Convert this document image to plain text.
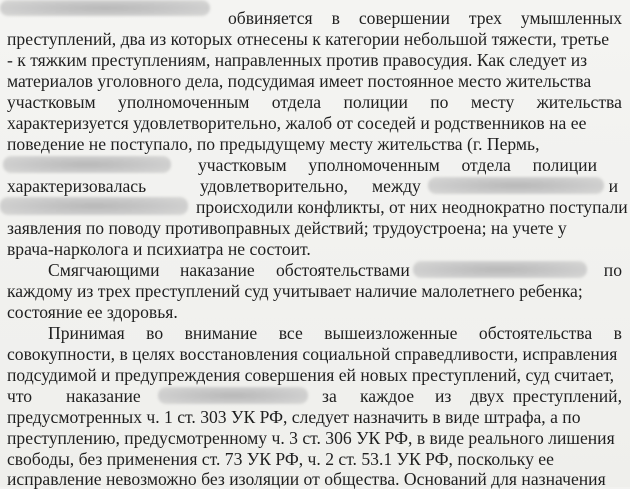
обвиняется в совершении трех умышленных
преступлений, два из которых отнесены к категории небольшой тяжести, третье
- к тяжким преступлениям, направленных против правосудия. Как следует из
материалов уголовного дела, подсудимая имеет постоянное место жительства
участковым уполномоченным отдела полиции по месту жительства
характеризуется удовлетворительно, жалоб от соседей и родственников на ее
поведение не поступало, по предыдущему месту жительства (г. Пермь,
участковым уполномоченным отдела полиции
характеризовалась	удовлетворительно, между	и
происходили конфликты, от них неоднократно поступали
заявления по поводу противоправных действий; трудоустроена; на учете у
врача-нарколога и психиатра не состоит.
Смягчающими наказание обстоятельствами	по
каждому из трех преступлений суд учитывает наличие малолетнего ребенка;
состояние ее здоровья.
Принимая во внимание все вышеизложенные обстоятельства в
совокупности, в целях восстановления социальной справедливости, исправления
подсудимой и предупреждения совершения ей новых преступлений, суд считает,
что наказание	за каждое из двух преступлений,
предусмотренных ч. 1 ст. 303 УК РФ, следует назначить в виде штрафа, а по
преступлению, предусмотренному ч. 3 ст. 306 УК РФ, в виде реального лишения
свободы, без применения ст. 73 УК РФ, ч. 2 ст. 53.1 УК РФ, поскольку ее
исправление невозможно без изоляции от общества. Оснований для назначения
